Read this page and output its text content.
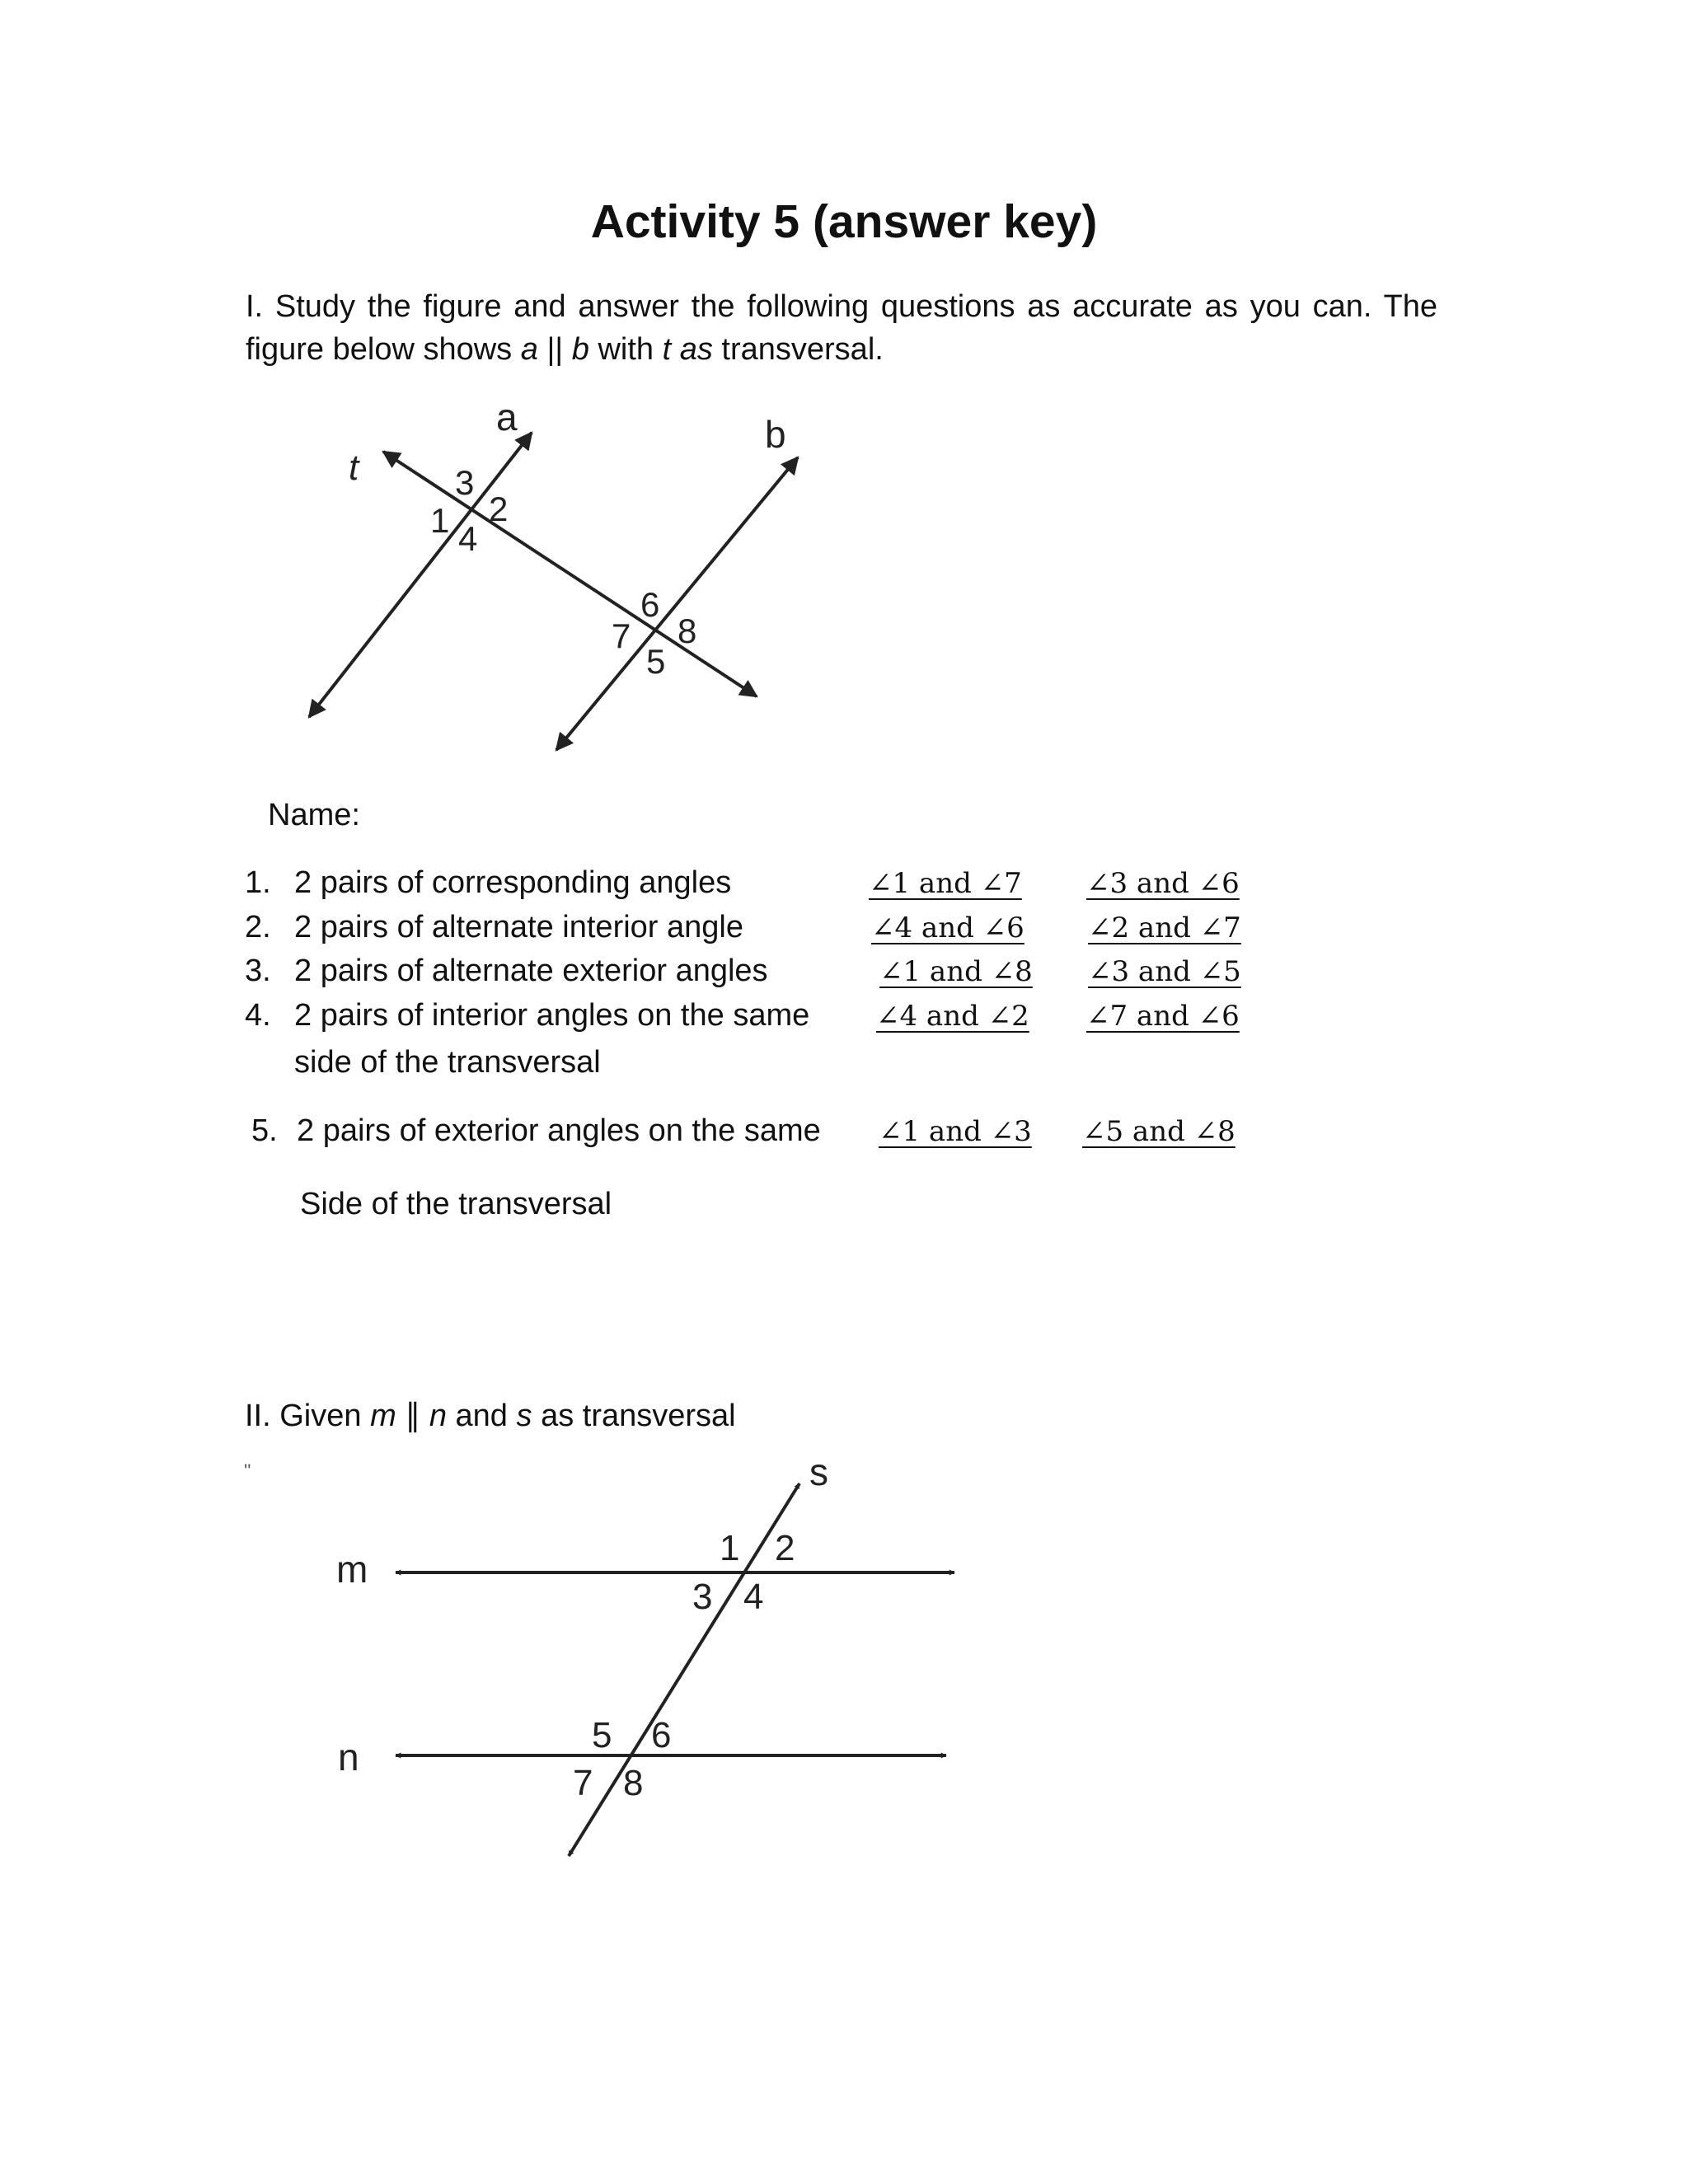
Activity 5 (answer key)
I. Study the figure and answer the following questions as accurate as you can. The
figure below shows a || b with t as transversal.
a	b
t
1 2
3
4
5
6
7 8
m
n
s
1 2
3 4
5 6
7 8
Name:
1. 2 pairs of corresponding angles	∠1 and ∠7 ∠3 and ∠6
2. 2 pairs of alternate interior angle	∠4 and ∠6 ∠2 and ∠7
3. 2 pairs of alternate exterior angles	∠1 and ∠8 ∠3 and ∠5
4. 2 pairs of interior angles on the same
side of the transversal
∠4 and ∠2 ∠7 and ∠6
5. 2 pairs of exterior angles on the same
Side of the transversal
∠1 and ∠3 ∠5 and ∠8
II. Given m ∥ n and s as transversal
''
